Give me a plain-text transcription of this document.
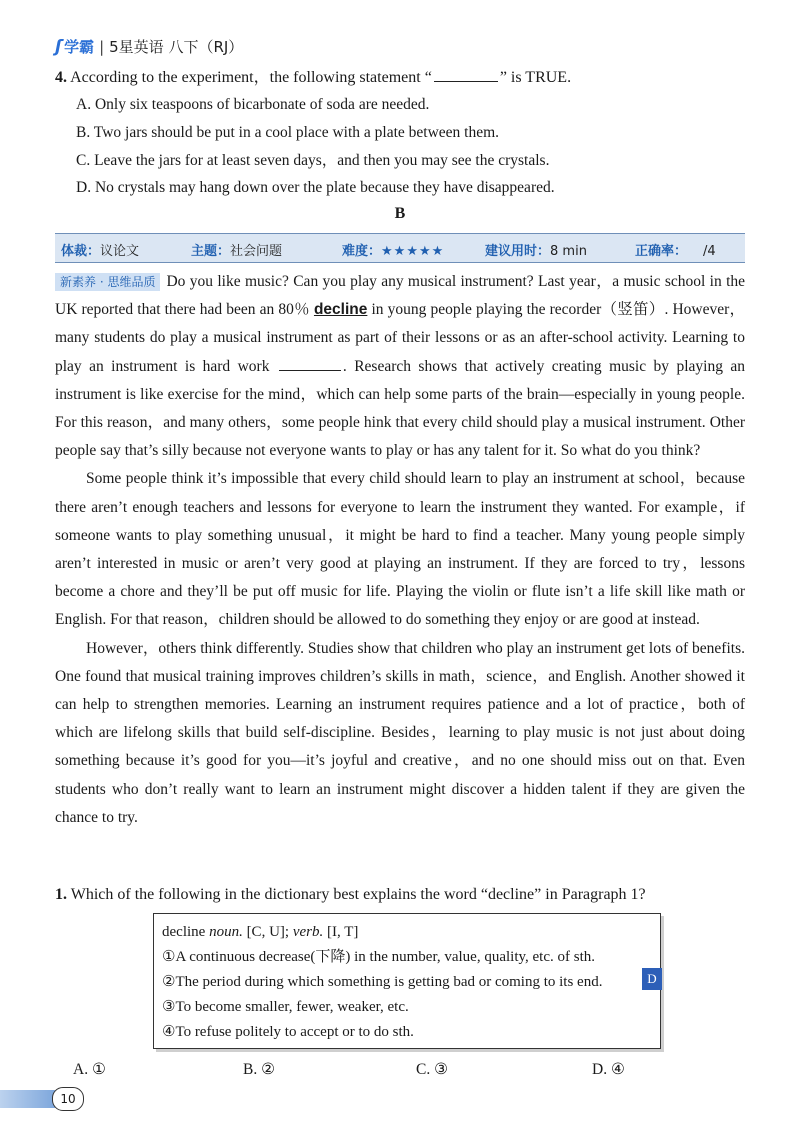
ʃ 学霸 | 5星英语 八下（RJ）
4. According to the experiment，the following statement “	” is TRUE.
A. Only six teaspoons of bicarbonate of soda are needed.
B. Two jars should be put in a cool place with a plate between them.
C. Leave the jars for at least seven days，and then you may see the crystals.
D. No crystals may hang down over the plate because they have disappeared.
B
体裁：议论文	主题：社会问题	难度：★★★★★	建议用时：8 min	正确率： /4

新素养 · 思维品质 Do you like music? Can you play any musical instrument? Last year，a music school in the UK reported that there had been an 80％ decline in young people playing the recorder（竖笛）. However，many students do play a musical instrument as part of their lessons or as an after-school activity. Learning to play an instrument is hard work	. Research shows that actively creating music by playing an instrument is like exercise for the mind，which can help some parts of the brain—especially in young people. For this reason，and many others，some people hink that every child should play a musical instrument. Other people say that’s silly because not everyone wants to play or has any talent for it. So what do you think?

Some people think it’s impossible that every child should learn to play an instrument at school，because there aren’t enough teachers and lessons for everyone to learn the instrument they wanted. For example，if someone wants to play something unusual，it might be hard to find a teacher. Many young people simply aren’t interested in music or aren’t very good at playing an instrument. If they are forced to try，lessons become a chore and they’ll be put off music for life. Playing the violin or flute isn’t a life skill like math or English. For that reason，children should be allowed to do something they enjoy or are good at instead.

However，others think differently. Studies show that children who play an instrument get lots of benefits. One found that musical training improves children’s skills in math，science，and English. Another showed it can help to strengthen memories. Learning an instrument requires patience and a lot of practice，both of which are lifelong skills that build self-discipline. Besides，learning to play music is not just about doing something because it’s good for you—it’s joyful and creative，and no one should miss out on that. Even students who don’t really want to learn an instrument might discover a hidden talent if they are given the chance to try.

1. Which of the following in the dictionary best explains the word “decline” in Paragraph 1?
decline noun. [C, U]; verb. [I, T]
①A continuous decrease(下降) in the number, value, quality, etc. of sth.
②The period during which something is getting bad or coming to its end.
③To become smaller, fewer, weaker, etc.
④To refuse politely to accept or to do sth.
D
A. ①	B. ②	C. ③	D. ④
10
